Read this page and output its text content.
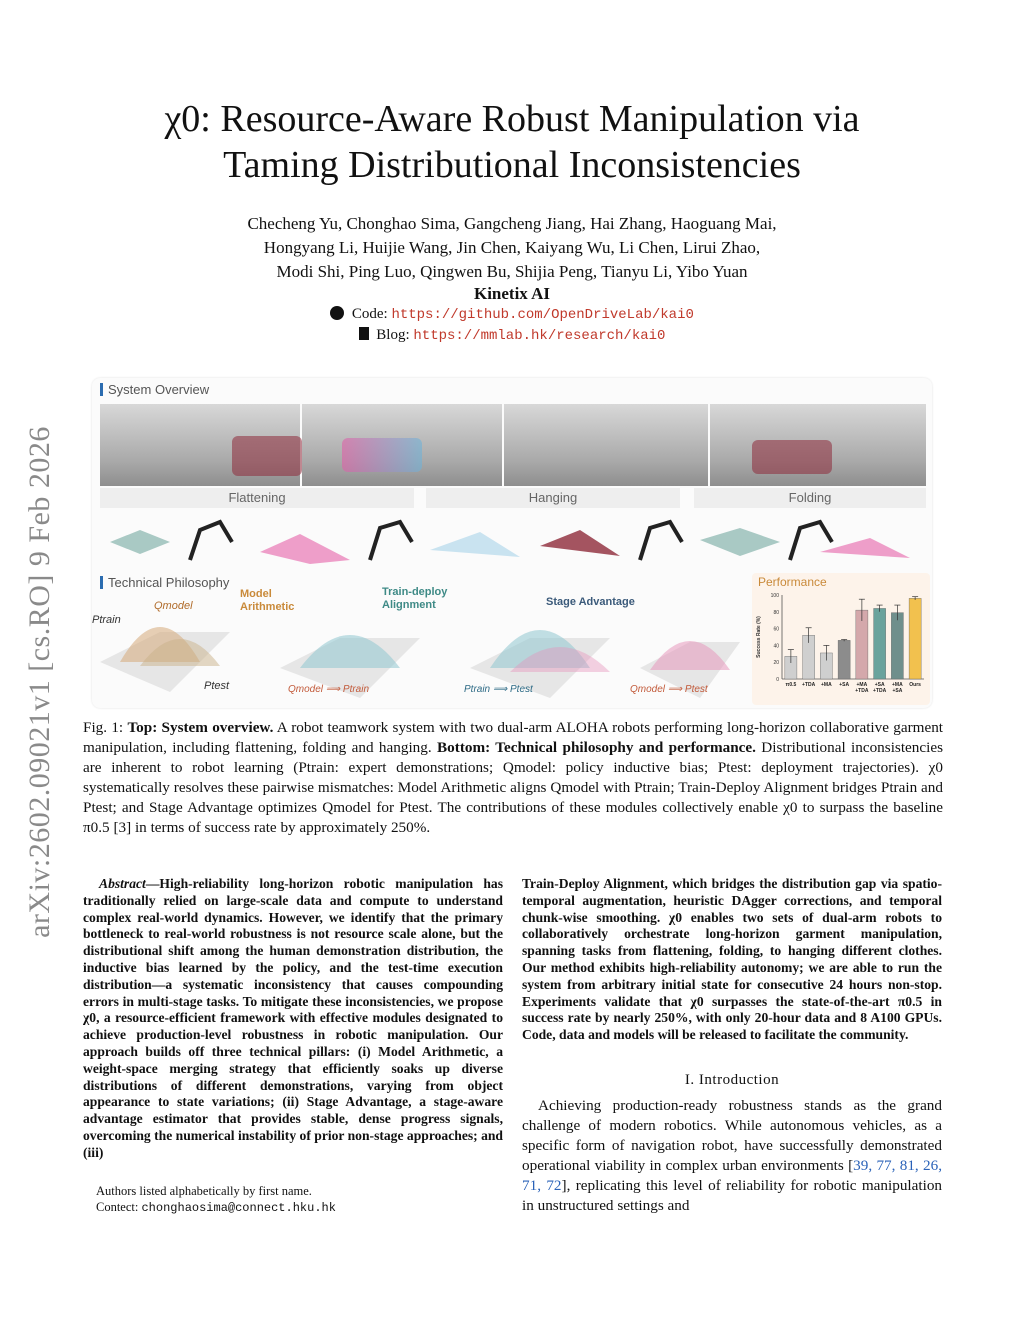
χ0: Resource-Aware Robust Manipulation via
Taming Distributional Inconsistencies
Checheng Yu, Chonghao Sima, Gangcheng Jiang, Hai Zhang, Haoguang Mai,
Hongyang Li, Huijie Wang, Jin Chen, Kaiyang Wu, Li Chen, Lirui Zhao,
Modi Shi, Ping Luo, Qingwen Bu, Shijia Peng, Tianyu Li, Yibo Yuan
Kinetix AI
Code: https://github.com/OpenDriveLab/kai0
Blog: https://mmlab.hk/research/kai0
arXiv:2602.09021v1 [cs.RO] 9 Feb 2026
System Overview
Flattening	Hanging	Folding
Technical Philosophy
Ptrain
Qmodel
Ptest
Model
Arithmetic
Train-deploy
Alignment	Stage Advantage
Qmodel ⟹ Ptrain	Ptrain ⟹ Ptest	Qmodel ⟹ Ptest
Performance
0
20
40
60
80
100
Success Rate (%)
π0.5 +TDA +MA +SA +MA
+TDA
+SA
+TDA
+MA
+SA
Ours
Fig. 1: Top: System overview. A robot teamwork system with two dual-arm ALOHA robots performing long-horizon collaborative garment manipulation, including flattening, folding and hanging. Bottom: Technical philosophy and performance. Distributional inconsistencies are inherent to robot learning (Ptrain: expert demonstrations; Qmodel: policy inductive bias; Ptest: deployment trajectories). χ0 systematically resolves these pairwise mismatches: Model Arithmetic aligns Qmodel with Ptrain; Train-Deploy Alignment bridges Ptrain and Ptest; and Stage Advantage optimizes Qmodel for Ptest. The contributions of these modules collectively enable χ0 to surpass the baseline π0.5 [3] in terms of success rate by approximately 250%.
Abstract—High-reliability long-horizon robotic manipulation has traditionally relied on large-scale data and compute to understand complex real-world dynamics. However, we identify that the primary bottleneck to real-world robustness is not resource scale alone, but the distributional shift among the human demonstration distribution, the inductive bias learned by the policy, and the test-time execution distribution—a systematic inconsistency that causes compounding errors in multi-stage tasks. To mitigate these inconsistencies, we propose χ0, a resource-efficient framework with effective modules designated to achieve production-level robustness in robotic manipulation. Our approach builds off three technical pillars: (i) Model Arithmetic, a weight-space merging strategy that efficiently soaks up diverse distributions of different demonstrations, varying from object appearance to state variations; (ii) Stage Advantage, a stage-aware advantage estimator that provides stable, dense progress signals, overcoming the numerical instability of prior non-stage approaches; and (iii)
Train-Deploy Alignment, which bridges the distribution gap via spatio-temporal augmentation, heuristic DAgger corrections, and temporal chunk-wise smoothing. χ0 enables two sets of dual-arm robots to collaboratively orchestrate long-horizon garment manipulation, spanning tasks from flattening, folding, to hanging different clothes. Our method exhibits high-reliability autonomy; we are able to run the system from arbitrary initial state for consecutive 24 hours non-stop. Experiments validate that χ0 surpasses the state-of-the-art π0.5 in success rate by nearly 250%, with only 20-hour data and 8 A100 GPUs. Code, data and models will be released to facilitate the community.
I. Introduction
Achieving production-ready robustness stands as the grand challenge of modern robotics. While autonomous vehicles, as a specific form of navigation robot, have successfully demonstrated operational viability in complex urban environments [39, 77, 81, 26, 71, 72], replicating this level of reliability for robotic manipulation in unstructured settings and
Authors listed alphabetically by first name.
Contect: chonghaosima@connect.hku.hk
